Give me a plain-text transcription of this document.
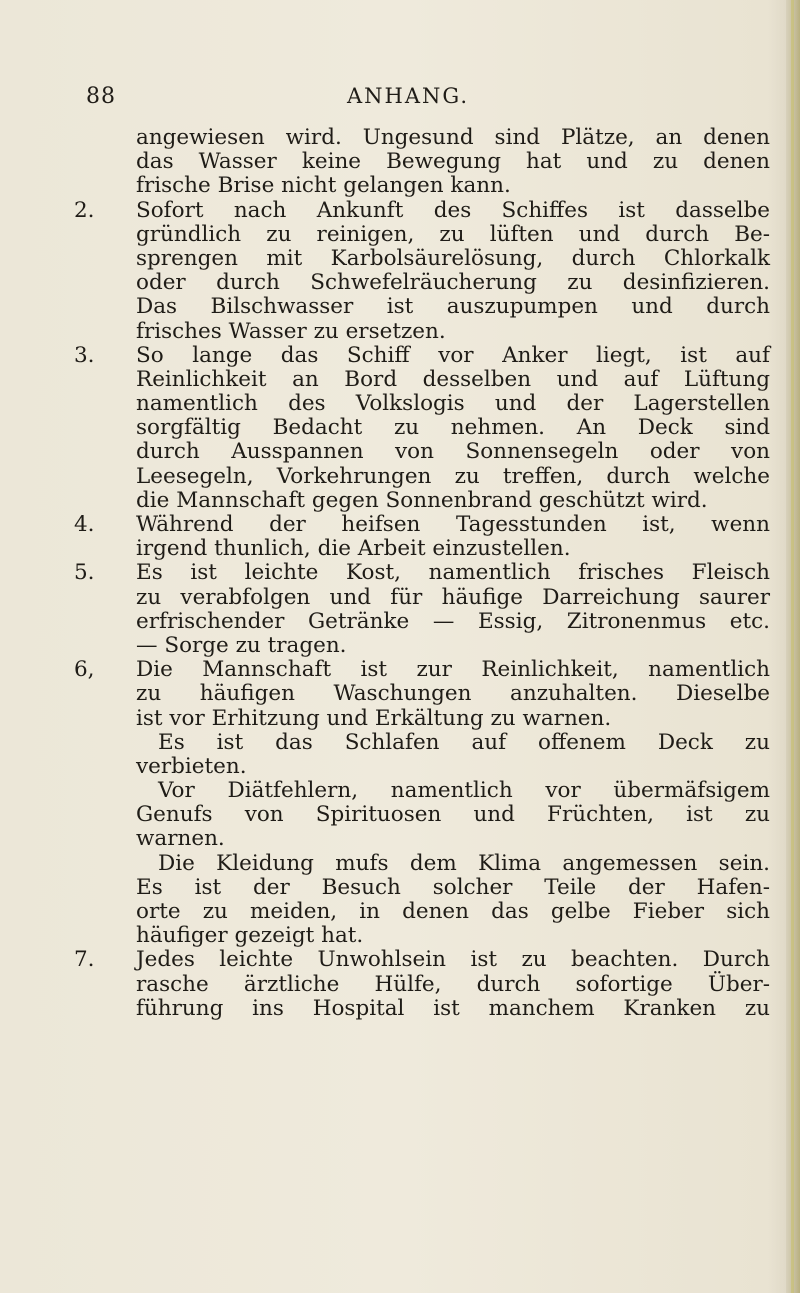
88	ANHANG.
angewiesen wird. Ungesund sind Plätze, an denen
das Wasser keine Bewegung hat und zu denen
frische Brise nicht gelangen kann.
2. Sofort nach Ankunft des Schiffes ist dasselbe
gründlich zu reinigen, zu lüften und durch Be-
sprengen mit Karbolsäurelösung, durch Chlorkalk
oder durch Schwefelräucherung zu desinfizieren.
Das Bilschwasser ist auszupumpen und durch
frisches Wasser zu ersetzen.
3. So lange das Schiff vor Anker liegt, ist auf
Reinlichkeit an Bord desselben und auf Lüftung
namentlich des Volkslogis und der Lagerstellen
sorgfältig Bedacht zu nehmen. An Deck sind
durch Ausspannen von Sonnensegeln oder von
Leesegeln, Vorkehrungen zu treffen, durch welche
die Mannschaft gegen Sonnenbrand geschützt wird.
4. Während der heifsen Tagesstunden ist, wenn
irgend thunlich, die Arbeit einzustellen.
5. Es ist leichte Kost, namentlich frisches Fleisch
zu verabfolgen und für häufige Darreichung saurer
erfrischender Getränke — Essig, Zitronenmus etc.
— Sorge zu tragen.
6, Die Mannschaft ist zur Reinlichkeit, namentlich
zu häufigen Waschungen anzuhalten. Dieselbe
ist vor Erhitzung und Erkältung zu warnen.
Es ist das Schlafen auf offenem Deck zu
verbieten.
Vor Diätfehlern, namentlich vor übermäfsigem
Genufs von Spirituosen und Früchten, ist zu
warnen.
Die Kleidung mufs dem Klima angemessen sein.
Es ist der Besuch solcher Teile der Hafen-
orte zu meiden, in denen das gelbe Fieber sich
häufiger gezeigt hat.
7. Jedes leichte Unwohlsein ist zu beachten. Durch
rasche ärztliche Hülfe, durch sofortige Über-
führung ins Hospital ist manchem Kranken zu
